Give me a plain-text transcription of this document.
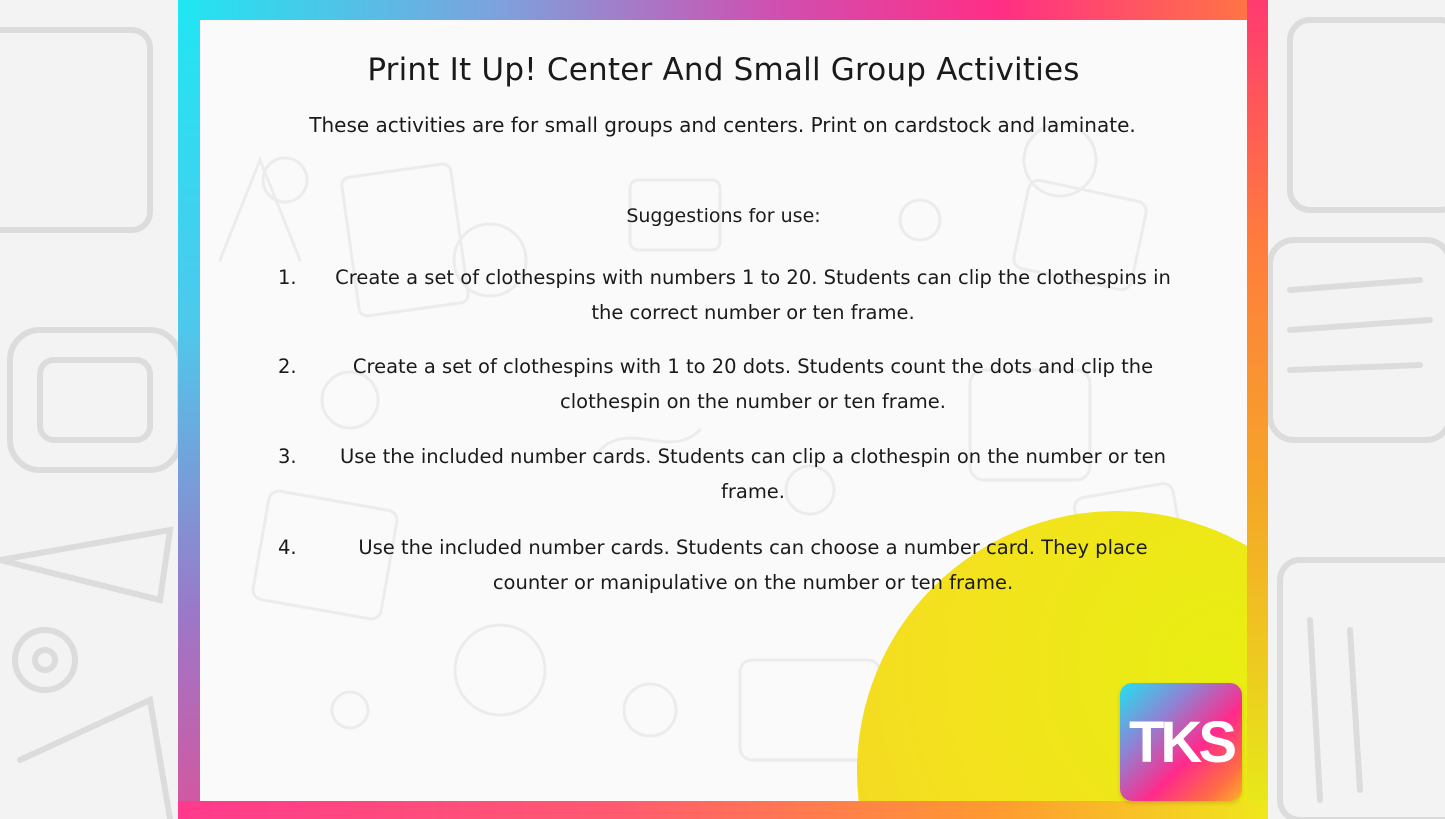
Print It Up! Center And Small Group Activities
These activities are for small groups and centers. Print on cardstock and laminate.
Suggestions for use:
1.	Create a set of clothespins with numbers 1 to 20. Students can clip the clothespins in the correct number or ten frame.
2.	Create a set of clothespins with 1 to 20 dots. Students count the dots and clip the clothespin on the number or ten frame.
3.	Use the included number cards. Students can clip a clothespin on the number or ten frame.
4.	Use the included number cards. Students can choose a number card. They place counter or manipulative on the number or ten frame.
TKS
